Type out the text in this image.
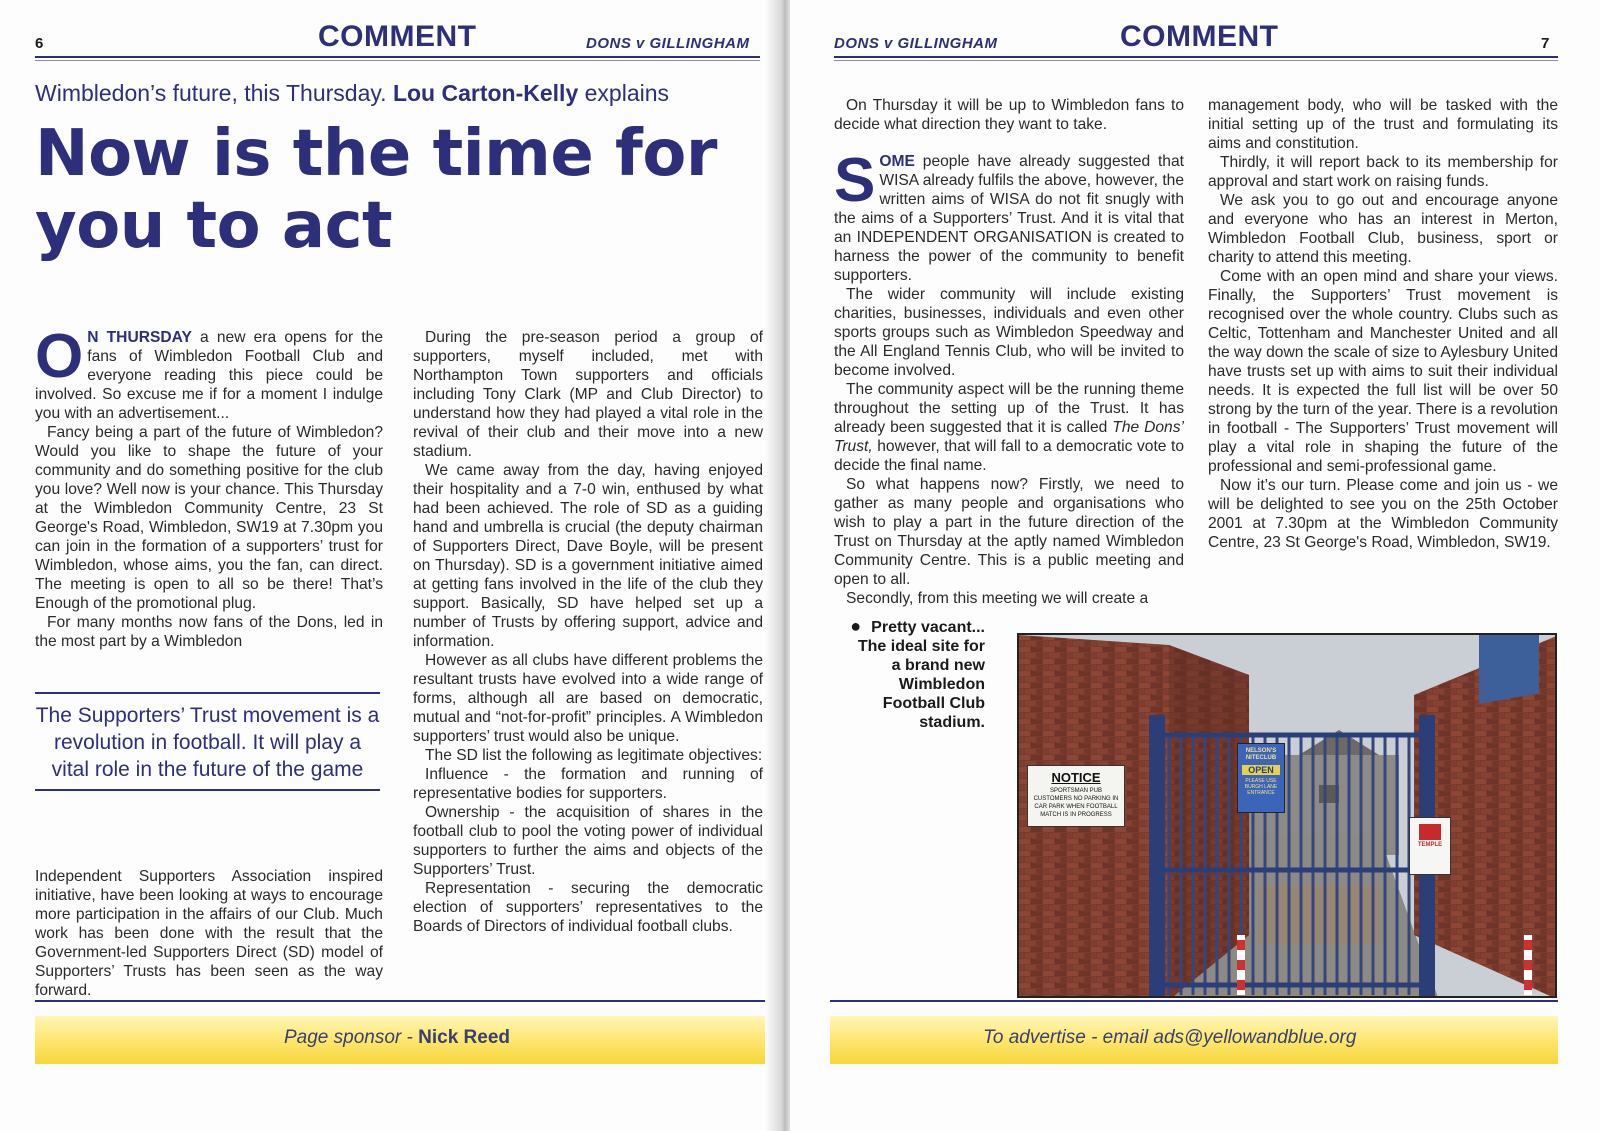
6	COMMENT	DONS v GILLINGHAM
Wimbledon’s future, this Thursday. Lou Carton-Kelly explains
Now is the time for you to act

O N THURSDAY a new era opens for the fans of Wimbledon Football Club and everyone reading this piece could be involved. So excuse me if for a moment I indulge you with an advertisement...

Fancy being a part of the future of Wimbledon? Would you like to shape the future of your community and do something positive for the club you love? Well now is your chance. This Thursday at the Wimbledon Community Centre, 23 St George's Road, Wimbledon, SW19 at 7.30pm you can join in the formation of a supporters’ trust for Wimbledon, whose aims, you the fan, can direct. The meeting is open to all so be there! That’s Enough of the promotional plug.

For many months now fans of the Dons, led in the most part by a Wimbledon

The Supporters’ Trust movement is a revolution in football. It will play a vital role in the future of the game

Independent Supporters Association inspired initiative, have been looking at ways to encourage more participation in the affairs of our Club. Much work has been done with the result that the Government-led Supporters Direct (SD) model of Supporters’ Trusts has been seen as the way forward.

During the pre-season period a group of supporters, myself included, met with Northampton Town supporters and officials including Tony Clark (MP and Club Director) to understand how they had played a vital role in the revival of their club and their move into a new stadium.

We came away from the day, having enjoyed their hospitality and a 7-0 win, enthused by what had been achieved. The role of SD as a guiding hand and umbrella is crucial (the deputy chairman of Supporters Direct, Dave Boyle, will be present on Thursday). SD is a government initiative aimed at getting fans involved in the life of the club they support. Basically, SD have helped set up a number of Trusts by offering support, advice and information.

However as all clubs have different problems the resultant trusts have evolved into a wide range of forms, although all are based on democratic, mutual and “not-for-profit” principles. A Wimbledon supporters’ trust would also be unique.

The SD list the following as legitimate objectives:

Influence - the formation and running of representative bodies for supporters.

Ownership - the acquisition of shares in the football club to pool the voting power of individual supporters to further the aims and objects of the Supporters’ Trust.

Representation - securing the democratic election of supporters’ representatives to the Boards of Directors of individual football clubs.

Page sponsor - Nick Reed
DONS v GILLINGHAM	COMMENT	7

On Thursday it will be up to Wimbledon fans to decide what direction they want to take.

SOME people have already suggested that WISA already fulfils the above, however, the written aims of WISA do not fit snugly with the aims of a Supporters’ Trust. And it is vital that an INDEPENDENT ORGANISATION is created to harness the power of the community to benefit supporters.

The wider community will include existing charities, businesses, individuals and even other sports groups such as Wimbledon Speedway and the All England Tennis Club, who will be invited to become involved.

The community aspect will be the running theme throughout the setting up of the Trust. It has already been suggested that it is called The Dons’ Trust, however, that will fall to a democratic vote to decide the final name.

So what happens now? Firstly, we need to gather as many people and organisations who wish to play a part in the future direction of the Trust on Thursday at the aptly named Wimbledon Community Centre. This is a public meeting and open to all.

Secondly, from this meeting we will create a

management body, who will be tasked with the initial setting up of the trust and formulating its aims and constitution.

Thirdly, it will report back to its membership for approval and start work on raising funds.

We ask you to go out and encourage anyone and everyone who has an interest in Merton, Wimbledon Football Club, business, sport or charity to attend this meeting.

Come with an open mind and share your views. Finally, the Supporters’ Trust movement is recognised over the whole country. Clubs such as Celtic, Tottenham and Manchester United and all the way down the scale of size to Aylesbury United have trusts set up with aims to suit their individual needs. It is expected the full list will be over 50 strong by the turn of the year. There is a revolution in football - The Supporters’ Trust movement will play a vital role in shaping the future of the professional and semi-professional game.

Now it’s our turn. Please come and join us - we will be delighted to see you on the 25th October 2001 at 7.30pm at the Wimbledon Community Centre, 23 St George's Road, Wimbledon, SW19.

● Pretty vacant... The ideal site for a brand new Wimbledon Football Club stadium.
NOTICE
SPORTSMAN PUB CUSTOMERS NO PARKING IN CAR PARK WHEN FOOTBALL MATCH IS IN PROGRESS
NELSON'S NITECLUB
OPEN
PLEASE USE BURGH LANE ENTRANCE
TEMPLE
To advertise - email ads@yellowandblue.org
